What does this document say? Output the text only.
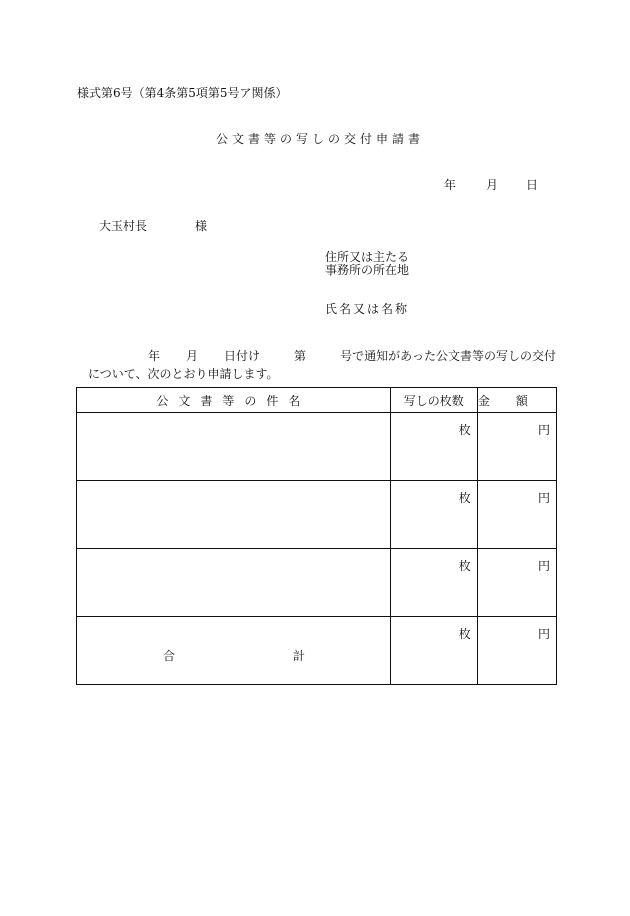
様式第6号（第4条第5項第5号ア関係）
公文書等の写しの交付申請書
年	月 日
大玉村長	様
住所又は主たる
事務所の所在地
氏名又は名称
年 月 日付け	第	号で通知があった公文書等の写しの交付
について、次のとおり申請します。
公文書等の件名	写しの枚数	金 額

	枚	円

	枚	円

	枚	円

合 計	枚	円
